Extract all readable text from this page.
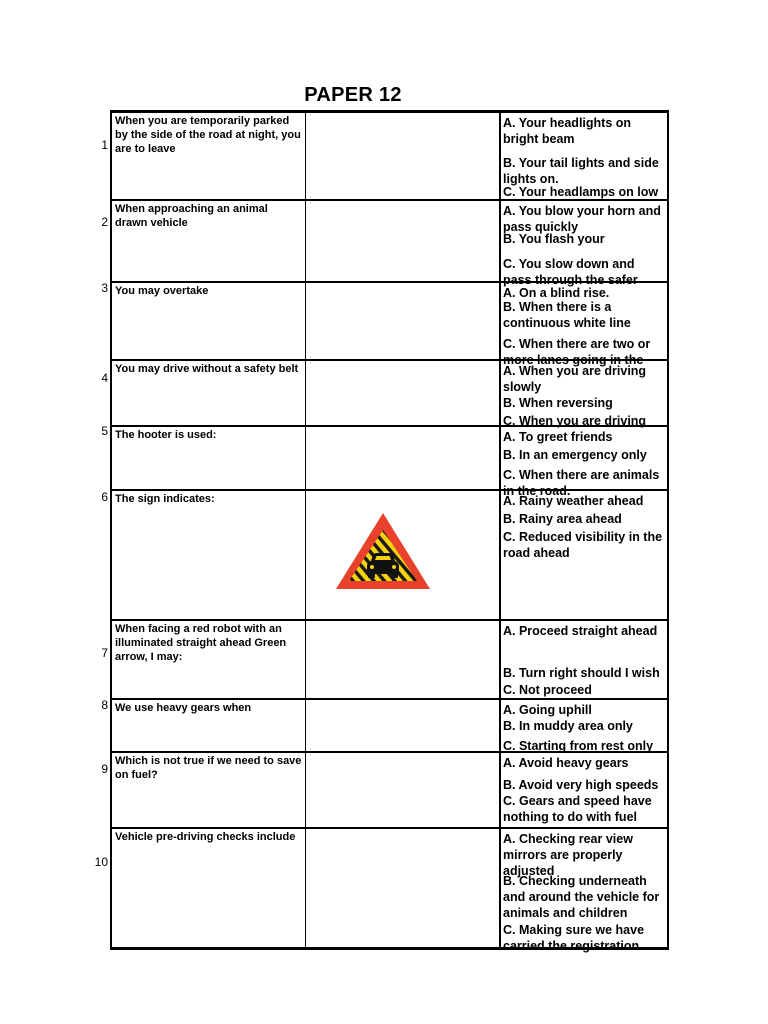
PAPER 12
When you are temporarily parked by the side of the road at night, you are to leave		A. Your headlights on bright beam
B. Your tail lights and side lights on.
C. Your headlamps on low

When approaching an animal drawn vehicle		A. You blow your horn and pass quickly
B. You flash your
C. You slow down and pass through the safer

You may overtake		A. On a blind rise.
B. When there is a continuous white line
C. When there are two or more lanes going in the

You may drive without a safety belt		A. When you are driving slowly
B. When reversing
C. When you are driving

The hooter is used:		A. To greet friends
B. In an emergency only
C. When there are animals in the road.

The sign indicates:		A. Rainy weather ahead
B. Rainy area ahead
C. Reduced visibility in the road ahead

When facing a red robot with an illuminated straight ahead Green arrow, I may:		A. Proceed straight ahead
B. Turn right should I wish
C. Not proceed

We use heavy gears when		A. Going uphill
B. In muddy area only
C. Starting from rest only

Which is not true if we need to save on fuel?		A. Avoid heavy gears
B. Avoid very high speeds
C. Gears and speed have nothing to do with fuel

Vehicle pre-driving checks include		A. Checking rear view mirrors are properly adjusted
B. Checking underneath and around the vehicle for animals and children
C. Making sure we have carried the registration
1
2
3
4
5
6
7
8
9
10
